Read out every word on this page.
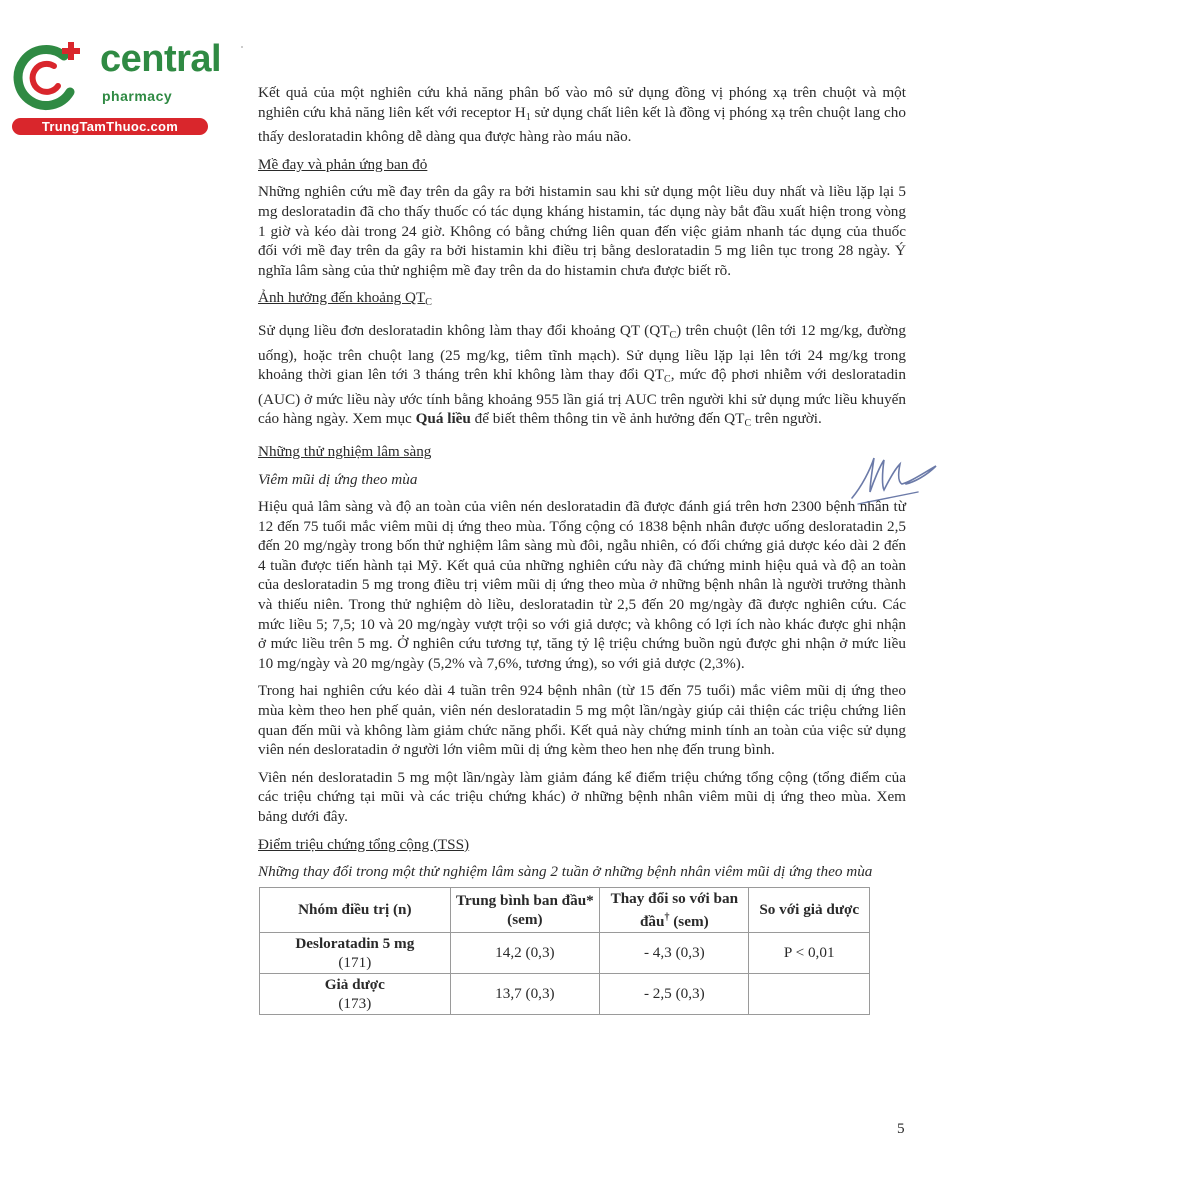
central
pharmacy
TrungTamThuoc.com

Kết quả của một nghiên cứu khả năng phân bố vào mô sử dụng đồng vị phóng xạ trên chuột và một nghiên cứu khả năng liên kết với receptor $H_1$ sử dụng chất liên kết là đồng vị phóng xạ trên chuột lang cho thấy desloratadin không dễ dàng qua được hàng rào máu não.

Mề đay và phản ứng ban đỏ

Những nghiên cứu mề đay trên da gây ra bởi histamin sau khi sử dụng một liều duy nhất và liều lặp lại 5 mg desloratadin đã cho thấy thuốc có tác dụng kháng histamin, tác dụng này bắt đầu xuất hiện trong vòng 1 giờ và kéo dài trong 24 giờ. Không có bằng chứng liên quan đến việc giảm nhanh tác dụng của thuốc đối với mề đay trên da gây ra bởi histamin khi điều trị bằng desloratadin 5 mg liên tục trong 28 ngày. Ý nghĩa lâm sàng của thử nghiệm mề đay trên da do histamin chưa được biết rõ.

Ảnh hưởng đến khoảng $QT_C$

Sử dụng liều đơn desloratadin không làm thay đổi khoảng QT $(QT_C)$ trên chuột (lên tới 12 mg/kg, đường uống), hoặc trên chuột lang (25 mg/kg, tiêm tĩnh mạch). Sử dụng liều lặp lại lên tới 24 mg/kg trong khoảng thời gian lên tới 3 tháng trên khỉ không làm thay đổi $QT_C$, mức độ phơi nhiễm với desloratadin (AUC) ở mức liều này ước tính bằng khoảng 955 lần giá trị AUC trên người khi sử dụng mức liều khuyến cáo hàng ngày. Xem mục Quá liều để biết thêm thông tin về ảnh hưởng đến $QT_C$ trên người.

Những thử nghiệm lâm sàng
Viêm mũi dị ứng theo mùa

Hiệu quả lâm sàng và độ an toàn của viên nén desloratadin đã được đánh giá trên hơn 2300 bệnh nhân từ 12 đến 75 tuổi mắc viêm mũi dị ứng theo mùa. Tổng cộng có 1838 bệnh nhân được uống desloratadin 2,5 đến 20 mg/ngày trong bốn thử nghiệm lâm sàng mù đôi, ngẫu nhiên, có đối chứng giả dược kéo dài 2 đến 4 tuần được tiến hành tại Mỹ. Kết quả của những nghiên cứu này đã chứng minh hiệu quả và độ an toàn của desloratadin 5 mg trong điều trị viêm mũi dị ứng theo mùa ở những bệnh nhân là người trưởng thành và thiếu niên. Trong thử nghiệm dò liều, desloratadin từ 2,5 đến 20 mg/ngày đã được nghiên cứu. Các mức liều 5; 7,5; 10 và 20 mg/ngày vượt trội so với giả dược; và không có lợi ích nào khác được ghi nhận ở mức liều trên 5 mg. Ở nghiên cứu tương tự, tăng tỷ lệ triệu chứng buồn ngủ được ghi nhận ở mức liều 10 mg/ngày và 20 mg/ngày (5,2% và 7,6%, tương ứng), so với giả dược (2,3%).

Trong hai nghiên cứu kéo dài 4 tuần trên 924 bệnh nhân (từ 15 đến 75 tuổi) mắc viêm mũi dị ứng theo mùa kèm theo hen phế quản, viên nén desloratadin 5 mg một lần/ngày giúp cải thiện các triệu chứng liên quan đến mũi và không làm giảm chức năng phổi. Kết quả này chứng minh tính an toàn của việc sử dụng viên nén desloratadin ở người lớn viêm mũi dị ứng kèm theo hen nhẹ đến trung bình.

Viên nén desloratadin 5 mg một lần/ngày làm giảm đáng kể điểm triệu chứng tổng cộng (tổng điểm của các triệu chứng tại mũi và các triệu chứng khác) ở những bệnh nhân viêm mũi dị ứng theo mùa. Xem bảng dưới đây.

Điểm triệu chứng tổng cộng (TSS)

Những thay đổi trong một thử nghiệm lâm sàng 2 tuần ở những bệnh nhân viêm mũi dị ứng theo mùa

Nhóm điều trị (n)	Trung bình ban đầu* (sem)	Thay đổi so với ban đầu† (sem)	So với giả dược
Desloratadin 5 mg
(171)	14,2 (0,3)	- 4,3 (0,3)	P < 0,01
Giả dược
(173)	13,7 (0,3)	- 2,5 (0,3)	
5
